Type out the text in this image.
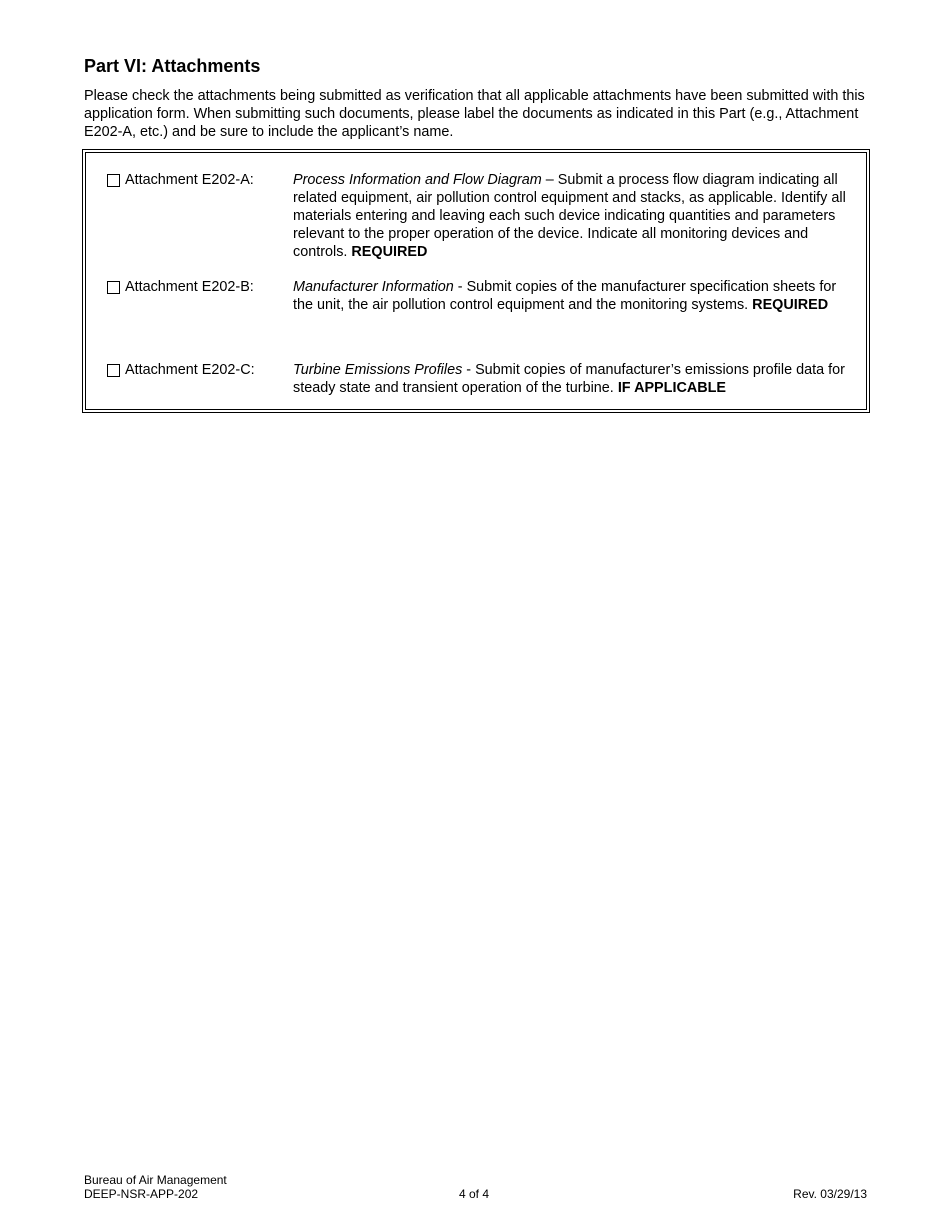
Part VI: Attachments

Please check the attachments being submitted as verification that all applicable attachments have been submitted with this application form. When submitting such documents, please label the documents as indicated in this Part (e.g., Attachment E202-A, etc.) and be sure to include the applicant’s name.

Attachment E202-A:	Process Information and Flow Diagram – Submit a process flow diagram indicating all related equipment, air pollution control equipment and stacks, as applicable. Identify all materials entering and leaving each such device indicating quantities and parameters relevant to the proper operation of the device. Indicate all monitoring devices and controls. REQUIRED
Attachment E202-B:	Manufacturer Information - Submit copies of the manufacturer specification sheets for the unit, the air pollution control equipment and the monitoring systems. REQUIRED
Attachment E202-C:	Turbine Emissions Profiles - Submit copies of manufacturer’s emissions profile data for steady state and transient operation of the turbine. IF APPLICABLE
Bureau of Air Management
DEEP-NSR-APP-202	4 of 4	Rev. 03/29/13
